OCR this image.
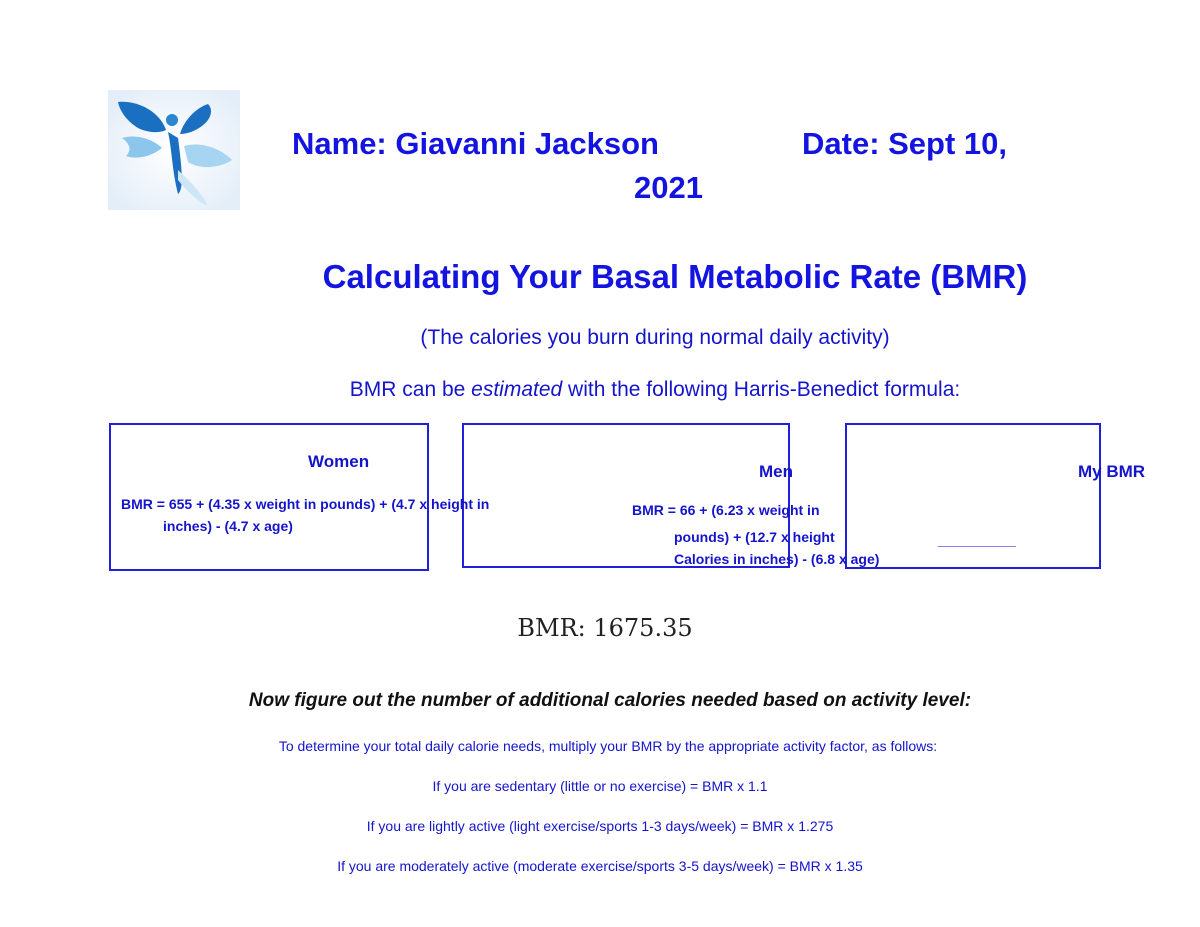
Name: Giavanni Jackson	Date: Sept 10,
2021
Calculating Your Basal Metabolic Rate (BMR)
(The calories you burn during normal daily activity)
BMR can be estimated with the following Harris-Benedict formula:
Women
BMR = 655 + (4.35 x weight in pounds) + (4.7 x height in
inches) - (4.7 x age)
Men
BMR = 66 + (6.23 x weight in
pounds) + (12.7 x height
Calories in inches) - (6.8 x age)
My BMR
__________
BMR: 1675.35
Now figure out the number of additional calories needed based on activity level:
To determine your total daily calorie needs, multiply your BMR by the appropriate activity factor, as follows:
If you are sedentary (little or no exercise) = BMR x 1.1
If you are lightly active (light exercise/sports 1-3 days/week) = BMR x 1.275
If you are moderately active (moderate exercise/sports 3-5 days/week) = BMR x 1.35
